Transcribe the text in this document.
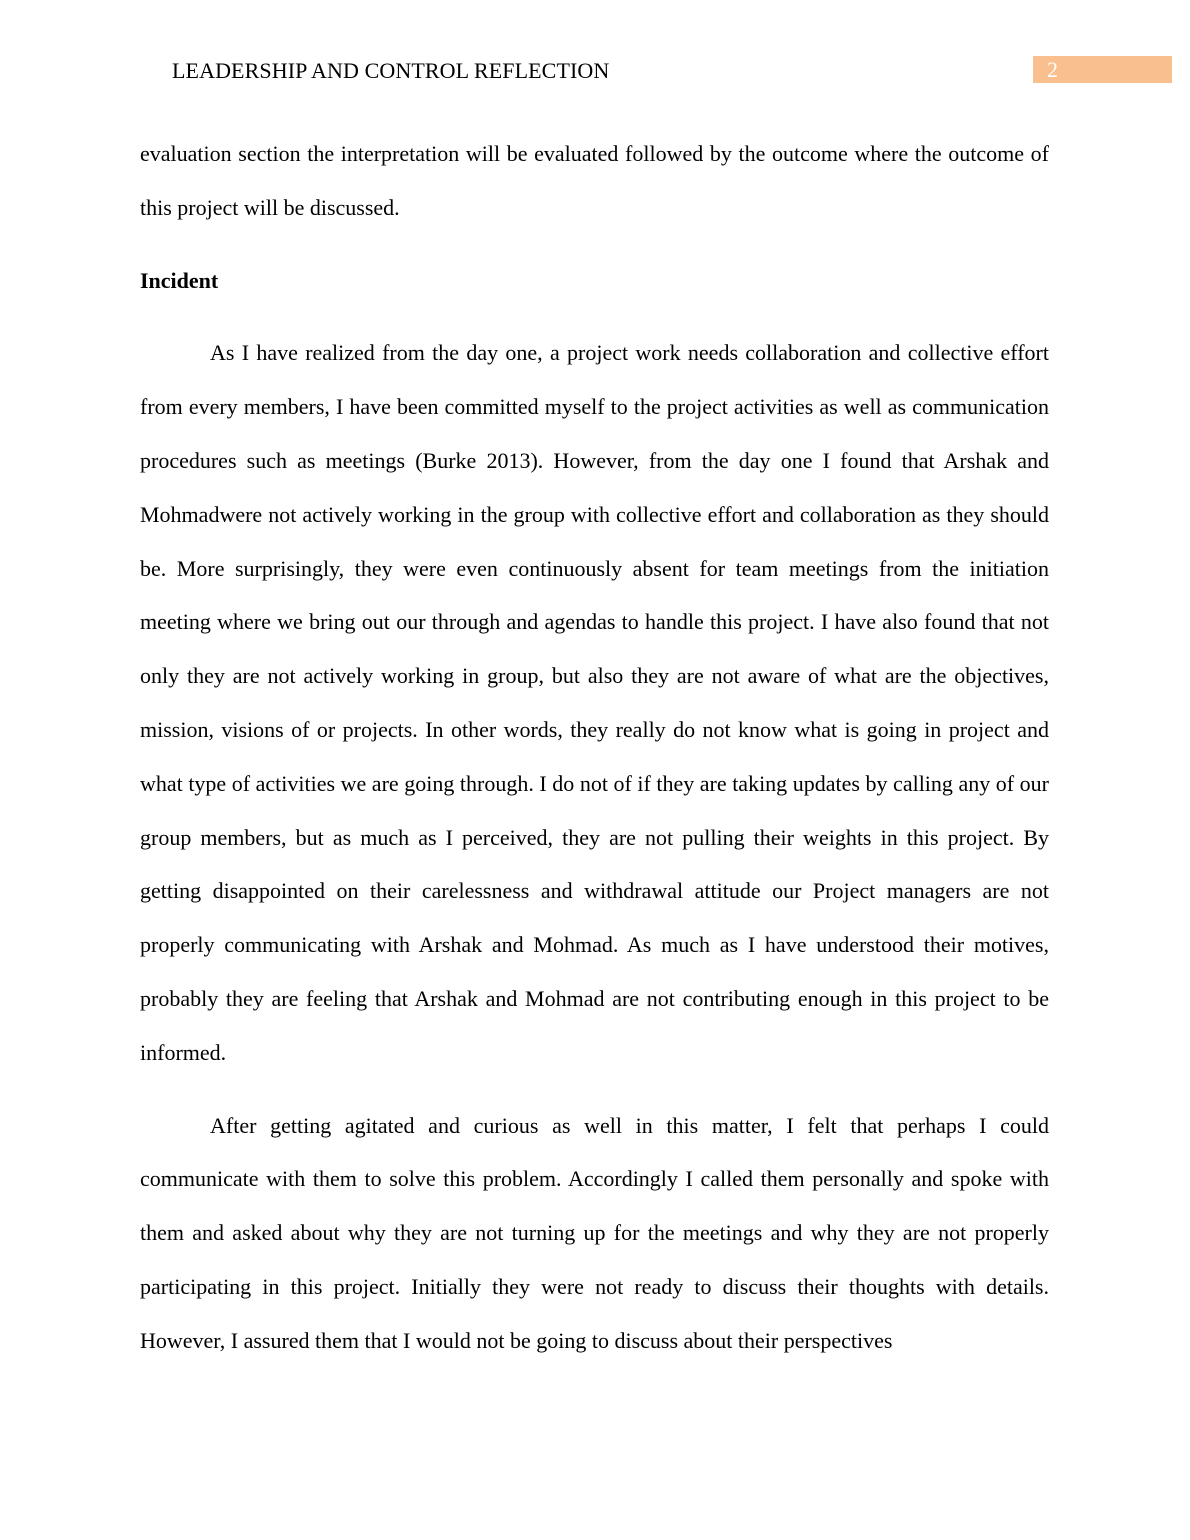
LEADERSHIP AND CONTROL REFLECTION	2

evaluation section the interpretation will be evaluated followed by the outcome where the outcome of this project will be discussed.

Incident

As I have realized from the day one, a project work needs collaboration and collective effort from every members, I have been committed myself to the project activities as well as communication procedures such as meetings (Burke 2013). However, from the day one I found that Arshak and Mohmadwere not actively working in the group with collective effort and collaboration as they should be. More surprisingly, they were even continuously absent for team meetings from the initiation meeting where we bring out our through and agendas to handle this project. I have also found that not only they are not actively working in group, but also they are not aware of what are the objectives, mission, visions of or projects. In other words, they really do not know what is going in project and what type of activities we are going through. I do not of if they are taking updates by calling any of our group members, but as much as I perceived, they are not pulling their weights in this project. By getting disappointed on their carelessness and withdrawal attitude our Project managers are not properly communicating with Arshak and Mohmad. As much as I have understood their motives, probably they are feeling that Arshak and Mohmad are not contributing enough in this project to be informed.

After getting agitated and curious as well in this matter, I felt that perhaps I could communicate with them to solve this problem. Accordingly I called them personally and spoke with them and asked about why they are not turning up for the meetings and why they are not properly participating in this project. Initially they were not ready to discuss their thoughts with details. However, I assured them that I would not be going to discuss about their perspectives
